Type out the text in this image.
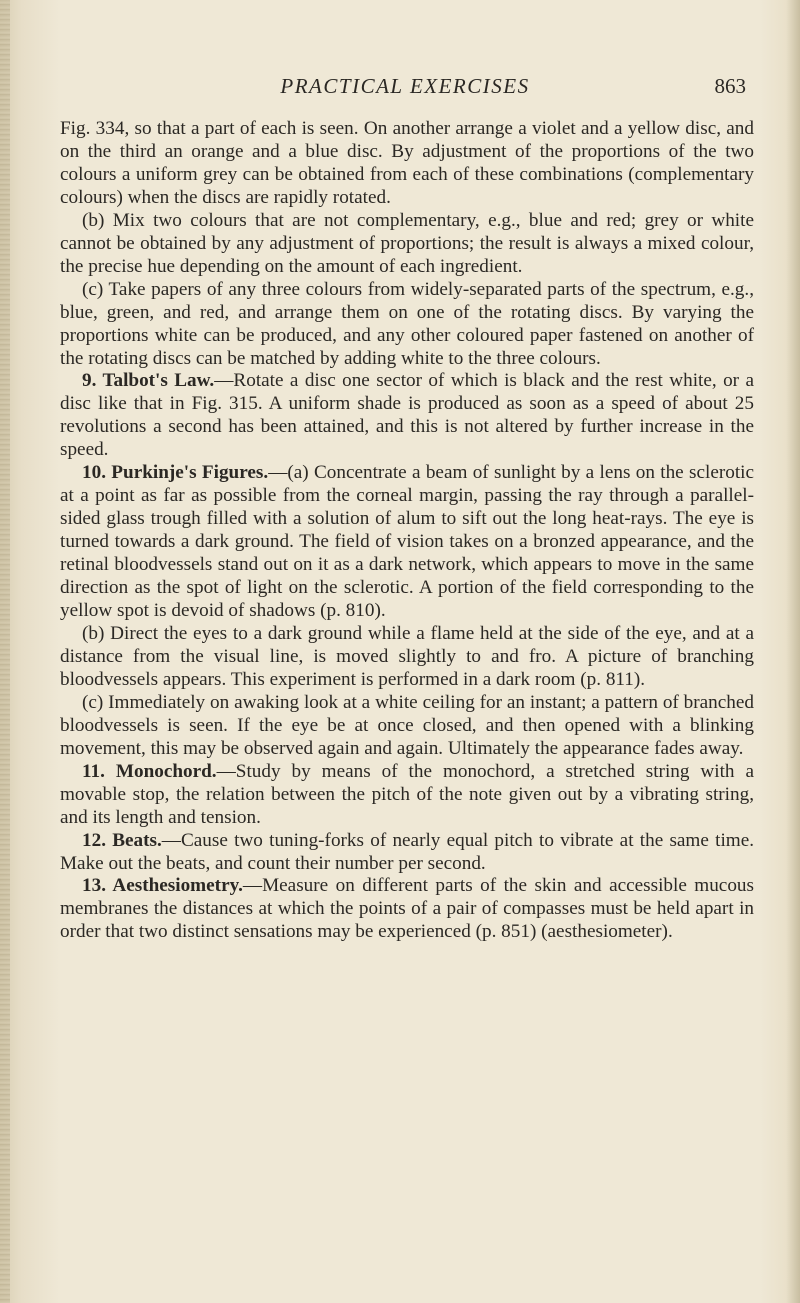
PRACTICAL EXERCISES	863

Fig. 334, so that a part of each is seen. On another arrange a violet and a yellow disc, and on the third an orange and a blue disc. By adjustment of the proportions of the two colours a uniform grey can be obtained from each of these combinations (complementary colours) when the discs are rapidly rotated.

(b) Mix two colours that are not complementary, e.g., blue and red; grey or white cannot be obtained by any adjustment of proportions; the result is always a mixed colour, the precise hue depending on the amount of each ingredient.

(c) Take papers of any three colours from widely-separated parts of the spectrum, e.g., blue, green, and red, and arrange them on one of the rotating discs. By varying the proportions white can be produced, and any other coloured paper fastened on another of the rotating discs can be matched by adding white to the three colours.

9. Talbot's Law.—Rotate a disc one sector of which is black and the rest white, or a disc like that in Fig. 315. A uniform shade is produced as soon as a speed of about 25 revolutions a second has been attained, and this is not altered by further increase in the speed.

10. Purkinje's Figures.—(a) Concentrate a beam of sunlight by a lens on the sclerotic at a point as far as possible from the corneal margin, passing the ray through a parallel-sided glass trough filled with a solution of alum to sift out the long heat-rays. The eye is turned towards a dark ground. The field of vision takes on a bronzed appearance, and the retinal bloodvessels stand out on it as a dark network, which appears to move in the same direction as the spot of light on the sclerotic. A portion of the field corresponding to the yellow spot is devoid of shadows (p. 810).

(b) Direct the eyes to a dark ground while a flame held at the side of the eye, and at a distance from the visual line, is moved slightly to and fro. A picture of branching bloodvessels appears. This experiment is performed in a dark room (p. 811).

(c) Immediately on awaking look at a white ceiling for an instant; a pattern of branched bloodvessels is seen. If the eye be at once closed, and then opened with a blinking movement, this may be observed again and again. Ultimately the appearance fades away.

11. Monochord.—Study by means of the monochord, a stretched string with a movable stop, the relation between the pitch of the note given out by a vibrating string, and its length and tension.

12. Beats.—Cause two tuning-forks of nearly equal pitch to vibrate at the same time. Make out the beats, and count their number per second.

13. Aesthesiometry.—Measure on different parts of the skin and accessible mucous membranes the distances at which the points of a pair of compasses must be held apart in order that two distinct sensations may be experienced (p. 851) (aesthesiometer).
